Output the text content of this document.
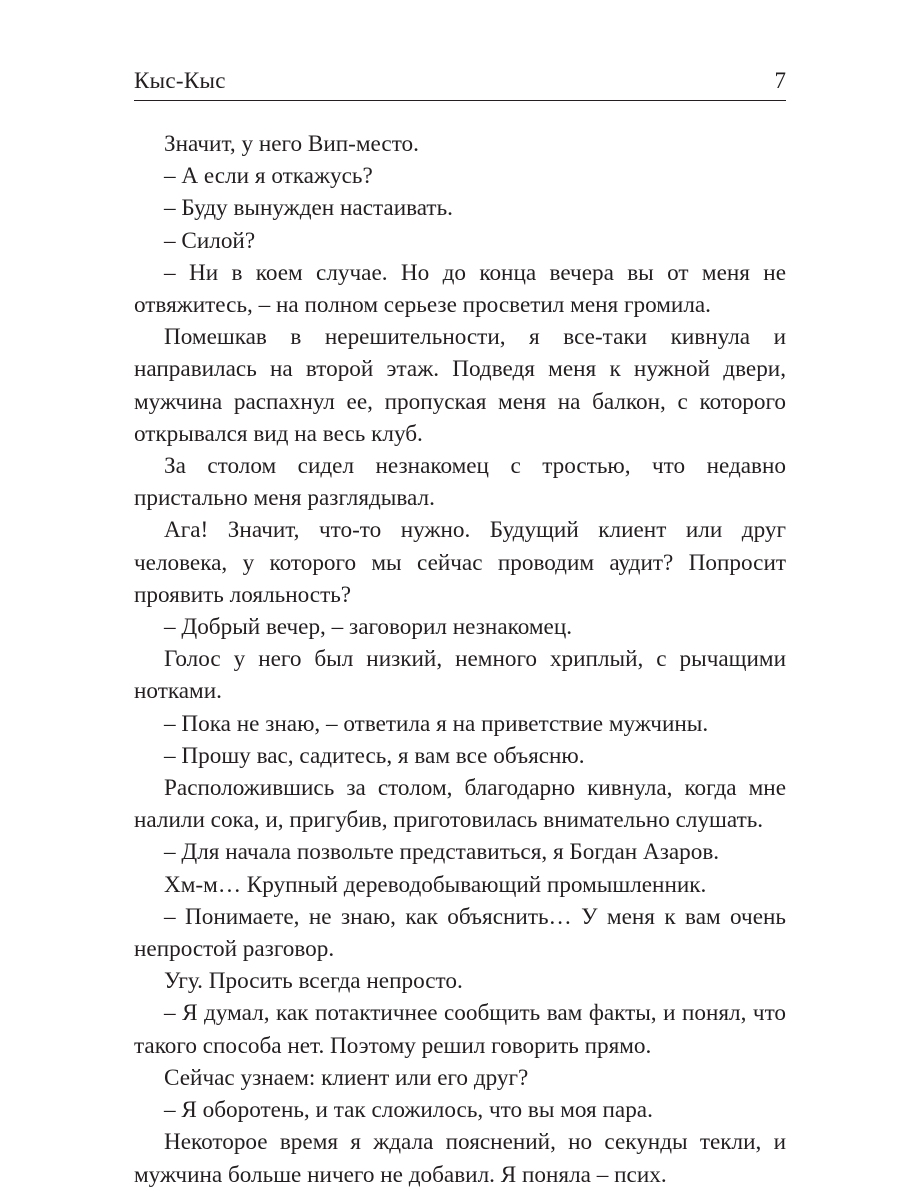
Кыс-Кыс	7

Значит, у него Вип-место.

– А если я откажусь?

– Буду вынужден настаивать.

– Силой?

– Ни в коем случае. Но до конца вечера вы от меня не отвяжитесь, – на полном серьезе просветил меня громила.

Помешкав в нерешительности, я все-таки кивнула и направилась на второй этаж. Подведя меня к нужной двери, мужчина распахнул ее, пропуская меня на балкон, с которого открывался вид на весь клуб.

За столом сидел незнакомец с тростью, что недавно пристально меня разглядывал.

Ага! Значит, что-то нужно. Будущий клиент или друг человека, у которого мы сейчас проводим аудит? Попросит проявить лояльность?

– Добрый вечер, – заговорил незнакомец.

Голос у него был низкий, немного хриплый, с рычащими нотками.

– Пока не знаю, – ответила я на приветствие мужчины.

– Прошу вас, садитесь, я вам все объясню.

Расположившись за столом, благодарно кивнула, когда мне налили сока, и, пригубив, приготовилась внимательно слушать.

– Для начала позвольте представиться, я Богдан Азаров.

Хм-м… Крупный дереводобывающий промышленник.

– Понимаете, не знаю, как объяснить… У меня к вам очень непростой разговор.

Угу. Просить всегда непросто.

– Я думал, как потактичнее сообщить вам факты, и понял, что такого способа нет. Поэтому решил говорить прямо.

Сейчас узнаем: клиент или его друг?

– Я оборотень, и так сложилось, что вы моя пара.

Некоторое время я ждала пояснений, но секунды текли, и мужчина больше ничего не добавил. Я поняла – псих.
